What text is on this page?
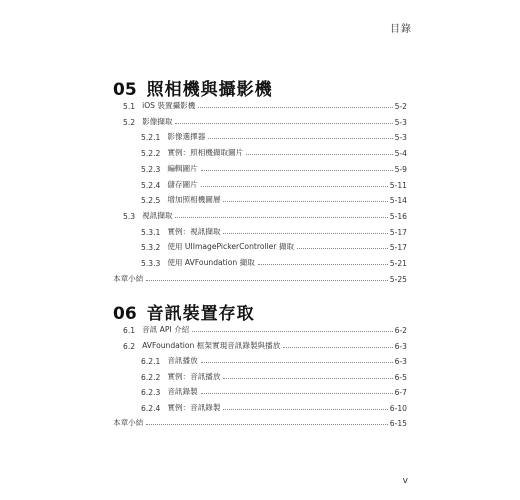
目錄
05 照相機與攝影機
5.1 iOS 裝置攝影機	5-2
5.2 影像擷取	5-3
5.2.1 影像選擇器	5-3
5.2.2 實例：照相機擷取圖片	5-4
5.2.3 編輯圖片	5-9
5.2.4 儲存圖片	5-11
5.2.5 增加照相機圖層	5-14
5.3 視訊擷取	5-16
5.3.1 實例：視訊擷取	5-17
5.3.2 使用 UIImagePickerController 擷取	5-17
5.3.3 使用 AVFoundation 擷取	5-21
本章小結	5-25
06 音訊裝置存取
6.1 音訊 API 介紹	6-2
6.2 AVFoundation 框架實現音訊錄製與播放	6-3
6.2.1 音訊播放	6-3
6.2.2 實例：音訊播放	6-5
6.2.3 音訊錄製	6-7
6.2.4 實例：音訊錄製	6-10
本章小結	6-15
v
